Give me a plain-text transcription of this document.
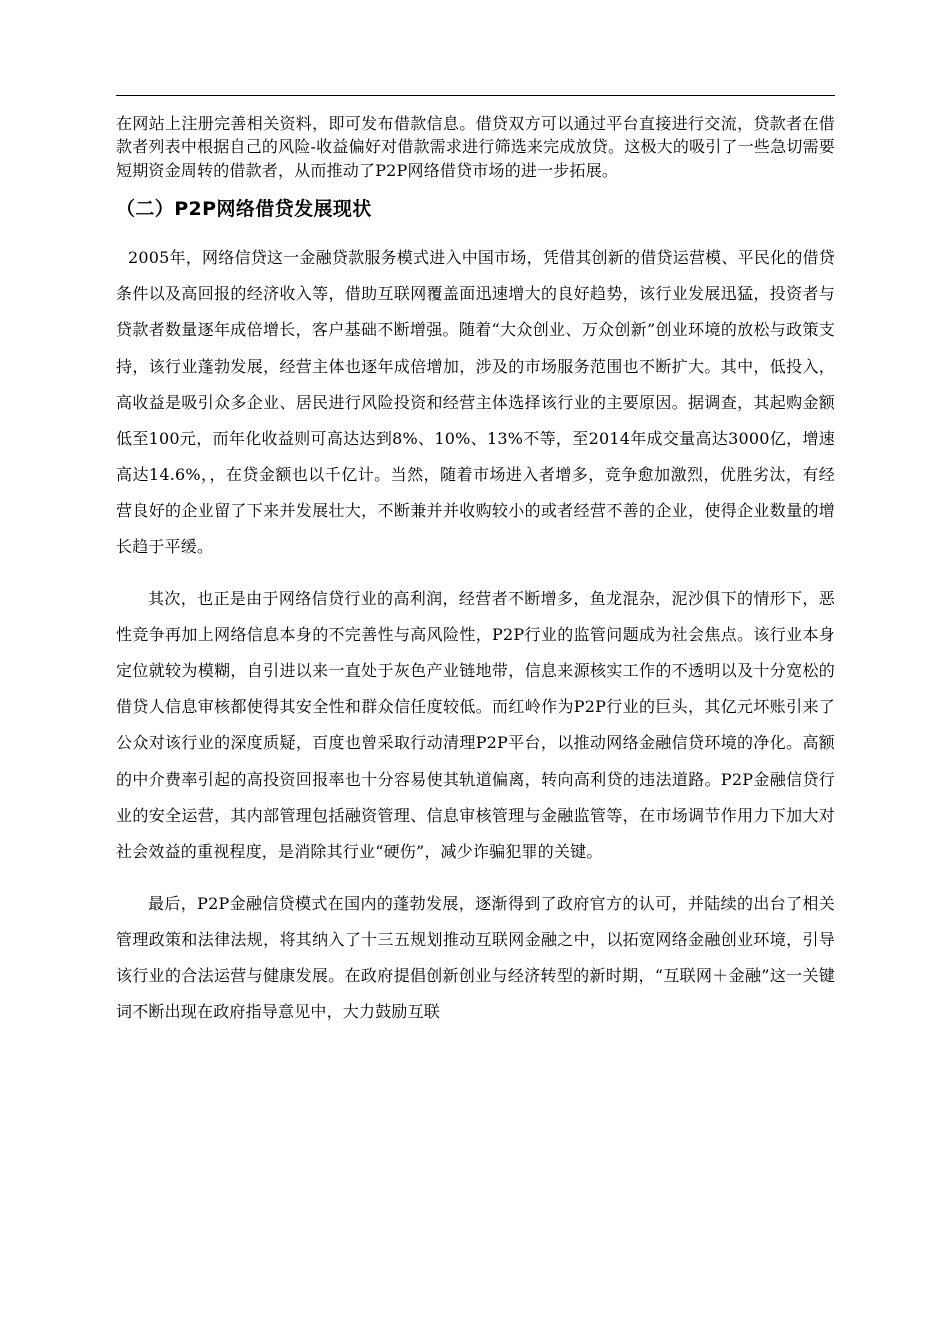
在网站上注册完善相关资料，即可发布借款信息。借贷双方可以通过平台直接进行交流，贷款者在借款者列表中根据自己的风险-收益偏好对借款需求进行筛选来完成放贷。这极大的吸引了一些急切需要短期资金周转的借款者，从而推动了P2P网络借贷市场的进一步拓展。

（二）P2P网络借贷发展现状

2005年，网络信贷这一金融贷款服务模式进入中国市场，凭借其创新的借贷运营模、平民化的借贷条件以及高回报的经济收入等，借助互联网覆盖面迅速增大的良好趋势，该行业发展迅猛，投资者与贷款者数量逐年成倍增长，客户基础不断增强。随着“大众创业、万众创新”创业环境的放松与政策支持，该行业蓬勃发展，经营主体也逐年成倍增加，涉及的市场服务范围也不断扩大。其中，低投入，高收益是吸引众多企业、居民进行风险投资和经营主体选择该行业的主要原因。据调查，其起购金额低至100元，而年化收益则可高达达到8%、10%、13%不等，至2014年成交量高达3000亿，增速高达14.6%，，在贷金额也以千亿计。当然，随着市场进入者增多，竞争愈加激烈，优胜劣汰，有经营良好的企业留了下来并发展壮大，不断兼并并收购较小的或者经营不善的企业，使得企业数量的增长趋于平缓。

其次，也正是由于网络信贷行业的高利润，经营者不断增多，鱼龙混杂，泥沙俱下的情形下，恶性竞争再加上网络信息本身的不完善性与高风险性，P2P行业的监管问题成为社会焦点。该行业本身定位就较为模糊，自引进以来一直处于灰色产业链地带，信息来源核实工作的不透明以及十分宽松的借贷人信息审核都使得其安全性和群众信任度较低。而红岭作为P2P行业的巨头，其亿元坏账引来了公众对该行业的深度质疑，百度也曾采取行动清理P2P平台，以推动网络金融信贷环境的净化。高额的中介费率引起的高投资回报率也十分容易使其轨道偏离，转向高利贷的违法道路。P2P金融信贷行业的安全运营，其内部管理包括融资管理、信息审核管理与金融监管等，在市场调节作用力下加大对社会效益的重视程度，是消除其行业“硬伤”，减少诈骗犯罪的关键。

最后，P2P金融信贷模式在国内的蓬勃发展，逐渐得到了政府官方的认可，并陆续的出台了相关管理政策和法律法规，将其纳入了十三五规划推动互联网金融之中，以拓宽网络金融创业环境，引导该行业的合法运营与健康发展。在政府提倡创新创业与经济转型的新时期，“互联网＋金融”这一关键词不断出现在政府指导意见中，大力鼓励互联
